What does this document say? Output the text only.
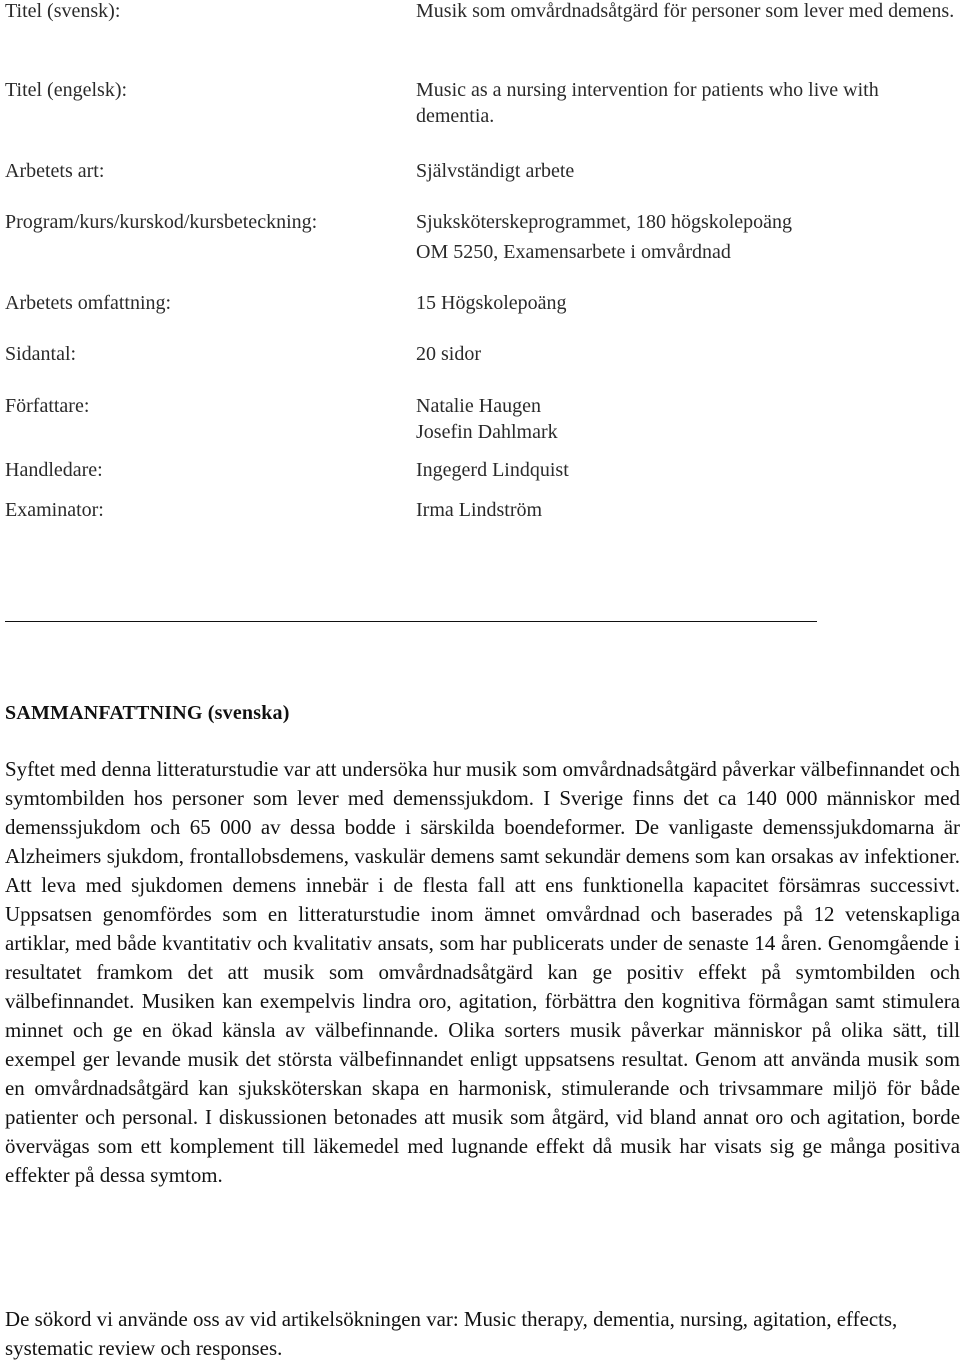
Titel (svensk):	Musik som omvårdnadsåtgärd för personer som lever med demens.
Titel (engelsk):	Music as a nursing intervention for patients who live with dementia.
Arbetets art:	Självständigt arbete
Program/kurs/kurskod/kursbeteckning:	Sjuksköterskeprogrammet, 180 högskolepoäng
OM 5250, Examensarbete i omvårdnad
Arbetets omfattning:	15 Högskolepoäng
Sidantal:	20 sidor
Författare:	Natalie Haugen
Josefin Dahlmark
Handledare:	Ingegerd Lindquist
Examinator:	Irma Lindström
SAMMANFATTNING (svenska)

Syftet med denna litteraturstudie var att undersöka hur musik som omvårdnadsåtgärd påverkar välbefinnandet och symtombilden hos personer som lever med demenssjukdom. I Sverige finns det ca 140 000 människor med demenssjukdom och 65 000 av dessa bodde i särskilda boendeformer. De vanligaste demenssjukdomarna är Alzheimers sjukdom, frontallobsdemens, vaskulär demens samt sekundär demens som kan orsakas av infektioner. Att leva med sjukdomen demens innebär i de flesta fall att ens funktionella kapacitet försämras successivt. Uppsatsen genomfördes som en litteraturstudie inom ämnet omvårdnad och baserades på 12 vetenskapliga artiklar, med både kvantitativ och kvalitativ ansats, som har publicerats under de senaste 14 åren. Genomgående i resultatet framkom det att musik som omvårdnadsåtgärd kan ge positiv effekt på symtombilden och välbefinnandet. Musiken kan exempelvis lindra oro, agitation, förbättra den kognitiva förmågan samt stimulera minnet och ge en ökad känsla av välbefinnande. Olika sorters musik påverkar människor på olika sätt, till exempel ger levande musik det största välbefinnandet enligt uppsatsens resultat. Genom att använda musik som en omvårdnadsåtgärd kan sjuksköterskan skapa en harmonisk, stimulerande och trivsammare miljö för både patienter och personal. I diskussionen betonades att musik som åtgärd, vid bland annat oro och agitation, borde övervägas som ett komplement till läkemedel med lugnande effekt då musik har visats sig ge många positiva effekter på dessa symtom.

De sökord vi använde oss av vid artikelsökningen var: Music therapy, dementia, nursing, agitation, effects, systematic review och responses.
